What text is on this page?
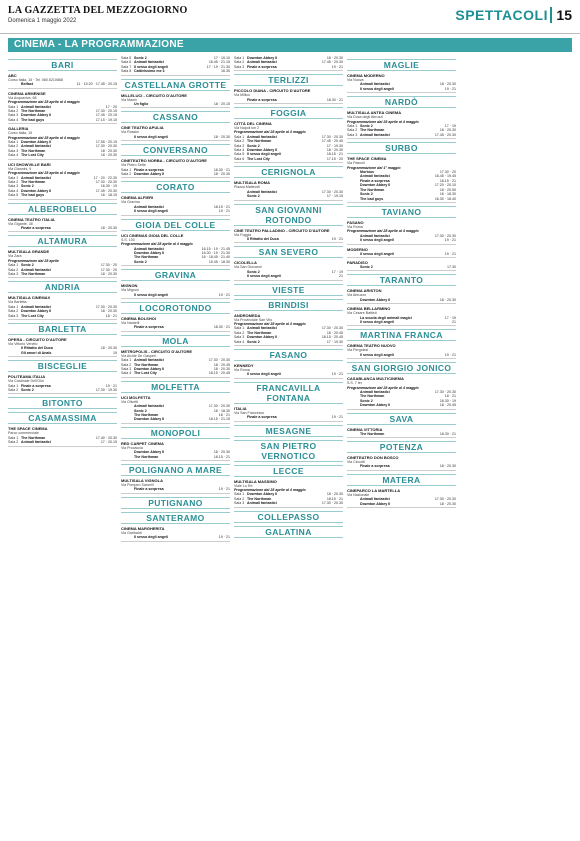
LA GAZZETTA DEL MEZZOGIORNO
Domenica 1 maggio 2022	SPETTACOLI 15
CINEMA - LA PROGRAMMAZIONE
BARI
ABC
Corso Italia, 15 · Tel. 080.5210868
Belfast	11 · 15.20 · 17.45 · 20.15
CINEMA ARMENISE
Via Acquaviva, 68
Programmazione dal 28 aprile al 4 maggio
Sala 1 Animali fantastici	17 · 20
Sala 2 The Northman	17.30 · 20.15
Sala 3 Downton Abbey II	17.45 · 20.15
Sala 4 The bad guys	17.15 · 19.15
GALLERIA
Corso Italia, 15
Programmazione dal 28 aprile al 4 maggio
Sala 1 Downton Abbey II	17.55 · 20.15
Sala 2 Animali fantastici	17.30 · 20.30
Sala 3 The Northman	18 · 20.30
Sala 4 The Lost City	18 · 20.30
UCI SHOWVILLE BARI
Via Giannini, 9
Programmazione dal 28 aprile al 4 maggio
Sala 1 Animali fantastici	17 · 20 · 22.30
Sala 2 The Northman	17.30 · 20.30
Sala 3 Sonic 2	16.30 · 19
Sala 4 Downton Abbey II	17.45 · 20.30
Sala 5 The bad guys	16 · 18.15
ALBEROBELLO
CINEMA TEATRO ITALIA
Via Gigante, 38
Finale a sorpresa	18 · 20.30
ALTAMURA
MULTISALA GRANDE
Via Zara
Programmazione dal 28 aprile
Sala 1 Sonic 2	17.30 · 20
Sala 2 Animali fantastici	17.30 · 20
Sala 3 The Northman	18 · 20.30
ANDRIA
MULTISALA CINEMAX
Via Barletta
Sala 1 Animali fantastici	17.30 · 20.30
Sala 2 Downton Abbey II	18 · 20.30
Sala 3 The Lost City	18 · 21
BARLETTA
OPERA - CIRCUITO D'AUTORE
Via Vittorio Veneto
Il Ritratto del Duca	18 · 20.30
Gli amori di Anaïs	19
BISCEGLIE
POLITEAMA ITALIA
Via Cardinale Dell'Olio
Sala 1 Finale a sorpresa	19 · 21
Sala 2 Sonic 2	17.30 · 19.30
BITONTO
CASAMASSIMA
THE SPACE CINEMA
Parco commerciale
Sala 1 The Northman	17.40 · 20.30
Sala 2 Animali fantastici	17 · 20.15
Sala 5 Sonic 2	17 · 19.10
Sala 6 Animali fantastici	18.45 · 21.15
Sala 7 Il sesso degli angeli	17 · 19 · 21.30
Sala 8 Cattivissimo me 3	16.30
CASTELLANA GROTTE
MILLELUCI - CIRCUITO D'AUTORE
Via Manin
Un figlio	18 · 20.15
CASSANO
CINE TEATRO APULIA
Via Rossini
Il sesso degli angeli	18 · 20.30
CONVERSANO
CINETEATRO NORBA - CIRCUITO D'AUTORE
Via Pietro Sette
Sala 1 Finale a sorpresa	18.30 · 21
Sala 2 Downton Abbey II	18 · 20.30
CORATO
CINEMA ALFIERI
Via Gravina
Animali fantastici	18.15 · 21
Il sesso degli angeli	19 · 21
GIOIA DEL COLLE
UCI CINEMAS GIOIA DEL COLLE
S.S. 100
Programmazione dal 28 aprile al 4 maggio
Animali fantastici	16.15 · 19 · 21.45
Downton Abbey II	16.30 · 19 · 21.30
The Northman	16 · 18.45 · 21.40
Sonic 2	15.45 · 18.30
GRAVINA
MIGNON
Via Mignon
Il sesso degli angeli	19 · 21
LOCOROTONDO
CINEMA BOLSHOI
Via Nardelli
Finale a sorpresa	18.30 · 21
MOLA
METROPOLIS - CIRCUITO D'AUTORE
Via Alcide De Gasperi
Sala 1 Animali fantastici	17.30 · 20.30
Sala 2 The Northman	18 · 20.45
Sala 3 Downton Abbey II	18 · 20.30
Sala 4 The Lost City	18.15 · 20.45
MOLFETTA
UCI MOLFETTA
Via Olivetti
Animali fantastici	17.30 · 20.30
Sonic 2	16 · 18.30
The Northman	18 · 21
Downton Abbey II	18.15 · 21.15
MONOPOLI
RED CARPET CINEMA
Via Procaccia
Downton Abbey II	18 · 20.30
The Northman	18.15 · 21
POLIGNANO A MARE
MULTISALA VIGNOLA
Via Pompeo Sarnelli
Finale a sorpresa	19 · 21
PUTIGNANO
SANTERAMO
CINEMA MARGHERITA
Via Garibaldi
Il sesso degli angeli	19 · 21
Sala 1 Downton Abbey II	18 · 20.30
Sala 2 Animali fantastici	17.45 · 20.30
Sala 3 Finale a sorpresa	19 · 21
TERLIZZI
PICCOLO DIANA - CIRCUITO D'AUTORE
Via Millico
Finale a sorpresa	18.30 · 21
FOGGIA
CITTÀ DEL CINEMA
Via Napoli km 2
Programmazione dal 28 aprile al 4 maggio
Sala 1 Animali fantastici	17.30 · 20.30
Sala 2 The Northman	17.45 · 20.45
Sala 3 Sonic 2	17 · 19.30
Sala 4 Downton Abbey II	18 · 20.30
Sala 5 Il sesso degli angeli	18.15 · 21
Sala 6 The Lost City	17.15 · 20
CERIGNOLA
MULTISALA ROMA
Piazza Matteotti
Animali fantastici	17.30 · 20.30
Sonic 2	17 · 19.15
SAN GIOVANNI ROTONDO
CINE TEATRO PALLADINO - CIRCUITO D'AUTORE
Via Foggia
Il Ritratto del Duca	19 · 21
SAN SEVERO
CICOLELLA
Via San Giovanni
Sonic 2	17 · 19
Il sesso degli angeli	21
VIESTE
BRINDISI
ANDROMEDA
Via Provinciale San Vito
Programmazione dal 28 aprile al 4 maggio
Sala 1 Animali fantastici	17.30 · 20.30
Sala 2 The Northman	18 · 20.45
Sala 3 Downton Abbey II	18.15 · 20.45
Sala 4 Sonic 2	17 · 19.30
FASANO
KENNEDY
Via Roma
Il sesso degli angeli	19 · 21
FRANCAVILLA FONTANA
ITALIA
Via San Francesco
Finale a sorpresa	19 · 21
MESAGNE
SAN PIETRO VERNOTICO
LECCE
MULTISALA MASSIMO
Viale Lo Re
Programmazione dal 28 aprile al 4 maggio
Sala 1 Downton Abbey II	18 · 20.30
Sala 2 The Northman	18.15 · 21
Sala 3 Animali fantastici	17.30 · 20.30
COLLEPASSO
GALATINA
MAGLIE
CINEMA MODERNO
Via Nuova
Animali fantastici	18 · 20.30
Il sesso degli angeli	19 · 21
NARDÒ
MULTISALA ANTEA CINEMA
Via Duca degli Abruzzi
Programmazione dal 28 aprile al 4 maggio
Sala 1 Sonic 2	17 · 19
Sala 2 The Northman	18 · 20.30
Sala 3 Animali fantastici	17.45 · 20.30
SURBO
THE SPACE CINEMA
Via Pascoli
Programmazione dal 1° maggio
Morbius	17.30 · 20
Animali fantastici	16.45 · 19.45
Finale a sorpresa	18.15 · 21
Downton Abbey II	17.20 · 20.10
The Northman	18 · 20.50
Sonic 2	16 · 18.30
The bad guys	16.30 · 18.40
TAVIANO
FASANO
Via Roma
Programmazione dal 28 aprile al 4 maggio
Animali fantastici	17.30 · 20.30
Il sesso degli angeli	19 · 21
MODERNO
Il sesso degli angeli	19 · 21
PARADISO
Sonic 2	17.30
TARANTO
CINEMA ARISTON
Via Abruzzo
Downton Abbey II	18 · 20.30
CINEMA BELLARMINO
Via Cesare Battisti
La scuola degli animali magici	17 · 19
Il sesso degli angeli	21
MARTINA FRANCA
CINEMA TEATRO NUOVO
Via Pergolesi
Il sesso degli angeli	19 · 21
SAN GIORGIO JONICO
CASABLANCA MULTICINEMA
S.S. 7 ter
Programmazione dal 28 aprile al 4 maggio
Animali fantastici	17.30 · 20.30
The Northman	18 · 21
Sonic 2	16.30 · 19
Downton Abbey II	18 · 20.45
SAVA
CINEMA VITTORIA
The Northman	18.30 · 21
POTENZA
CINETEATRO DON BOSCO
Via Ciccotti
Finale a sorpresa	18 · 20.30
MATERA
CINEPARCO LA MARTELLA
Via Nazionale
Animali fantastici	17.30 · 20.30
Downton Abbey II	18 · 20.30
